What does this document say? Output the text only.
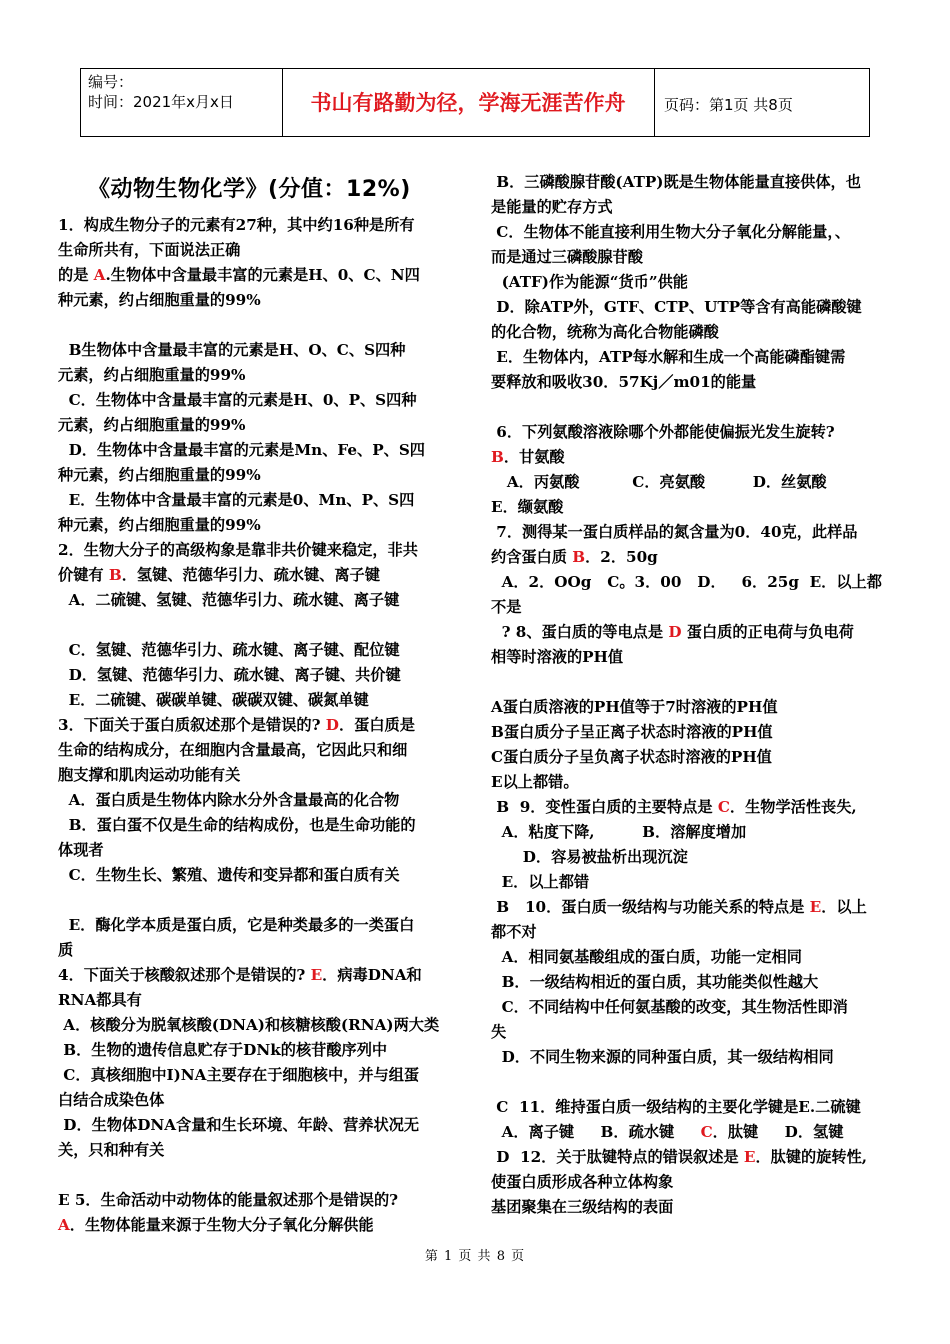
编号：
时间：2021年x月x日	书山有路勤为径，学海无涯苦作舟	页码：第1页 共8页
《动物生物化学》(分值：12%)
1．构成生物分子的元素有27种，其中约16种是所有
生命所共有，下面说法正确
的是 A.生物体中含量最丰富的元素是H、0、C、N四
种元素，约占细胞重量的99%
B生物体中含量最丰富的元素是H、O、C、S四种
元素，约占细胞重量的99%
C．生物体中含量最丰富的元素是H、0、P、S四种
元素，约占细胞重量的99%
D．生物体中含量最丰富的元素是Mn、Fe、P、S四
种元素，约占细胞重量的99%
E．生物体中含量最丰富的元素是0、Mn、P、S四
种元素，约占细胞重量的99%
2．生物大分子的高级构象是靠非共价键来稳定，非共
价键有 B．氢键、范德华引力、疏水键、离子键
A．二硫键、氢键、范德华引力、疏水键、离子键
C．氢键、范德华引力、疏水键、离子键、配位键
D．氢键、范德华引力、疏水键、离子键、共价键
E．二硫键、碳碳单键、碳碳双键、碳氮单键
3．下面关于蛋白质叙述那个是错误的? D．蛋白质是
生命的结构成分，在细胞内含量最高，它因此只和细
胞支撑和肌肉运动功能有关
A．蛋白质是生物体内除水分外含量最高的化合物
B．蛋白蛋不仅是生命的结构成份，也是生命功能的
体现者
C．生物生长、繁殖、遗传和变异都和蛋白质有关
E．酶化学本质是蛋白质，它是种类最多的一类蛋白
质
4．下面关于核酸叙述那个是错误的? E．病毒DNA和
RNA都具有
A．核酸分为脱氧核酸(DNA)和核糖核酸(RNA)两大类
B．生物的遗传信息贮存于DNk的核苷酸序列中
C．真核细胞中I)NA主要存在于细胞核中，并与组蛋
白结合成染色体
D．生物体DNA含量和生长环境、年龄、营养状况无
关，只和种有关
E 5．生命活动中动物体的能量叙述那个是错误的?
A．生物体能量来源于生物大分子氧化分解供能
B．三磷酸腺苷酸(ATP)既是生物体能量直接供体，也
是能量的贮存方式
C．生物体不能直接利用生物大分子氧化分解能量，、
而是通过三磷酸腺苷酸
(ATF)作为能源“货币”供能
D．除ATP外，GTF、CTP、UTP等含有高能磷酸键
的化合物，统称为高化合物能磷酸
E．生物体内，ATP每水解和生成一个高能磷酯键需
要释放和吸收30．57Kj／m01的能量
6．下列氨酸溶液除哪个外都能使偏振光发生旋转?
B．甘氨酸
A．丙氨酸          C．亮氨酸         D．丝氨酸
E．缬氨酸
7．测得某一蛋白质样品的氮含量为0．40克，此样品
约含蛋白质 B．2．50g
A．2．OOg   C。3．00   D．   6．25g  E．以上都
不是
? 8、蛋白质的等电点是 D 蛋白质的正电荷与负电荷
相等时溶液的PH值
A蛋白质溶液的PH值等于7时溶液的PH值
B蛋白质分子呈正离子状态时溶液的PH值
C蛋白质分子呈负离子状态时溶液的PH值
E以上都错。
B  9．变性蛋白质的主要特点是 C．生物学活性丧失,
A．粘度下降,         B．溶解度增加
D．容易被盐析出现沉淀
E．以上都错
B   10．蛋白质一级结构与功能关系的特点是 E．以上
都不对
A．相同氨基酸组成的蛋白质，功能一定相同
B．一级结构相近的蛋白质，其功能类似性越大
C．不同结构中任何氨基酸的改变，其生物活性即消
失
D．不同生物来源的同种蛋白质，其一级结构相同
C  11．维持蛋白质一级结构的主要化学键是E.二硫键
A．离子键     B．疏水键     C．肽键     D．氢键
D  12．关于肽键特点的错误叙述是 E．肽键的旋转性,
使蛋白质形成各种立体构象
基团聚集在三级结构的表面
第 1 页 共 8 页
